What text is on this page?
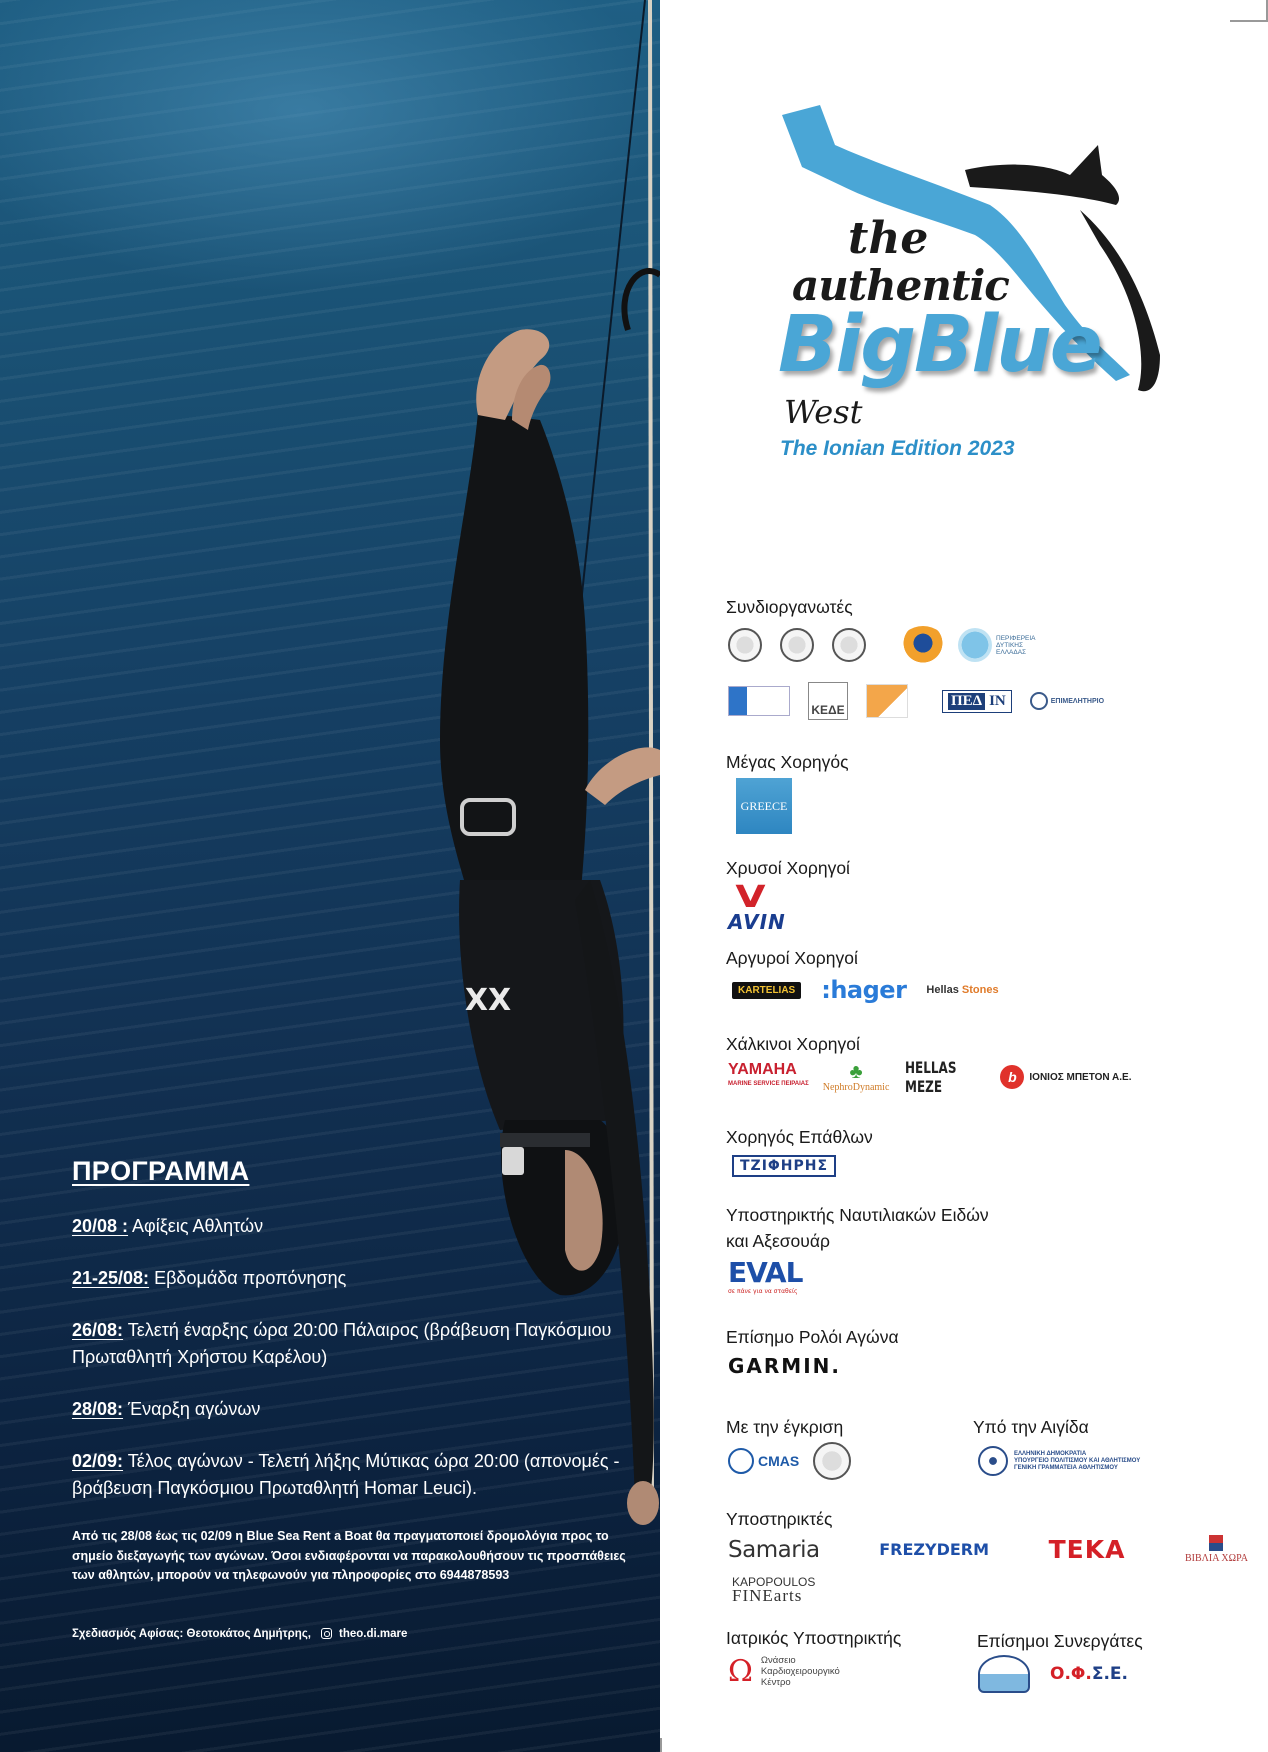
XX
ΠΡΟΓΡΑΜΜΑ
20/08 : Αφίξεις Αθλητών
21-25/08: Εβδομάδα προπόνησης
26/08: Τελετή έναρξης ώρα 20:00 Πάλαιρος (βράβευση Παγκόσμιου Πρωταθλητή Χρήστου Καρέλου)
28/08: Έναρξη αγώνων
02/09: Τέλος αγώνων - Τελετή λήξης Μύτικας ώρα 20:00 (απονομές - βράβευση Παγκόσμιου Πρωταθλητή Homar Leuci).

Από τις 28/08 έως τις 02/09 η Blue Sea Rent a Boat θα πραγματοποιεί δρομολόγια προς το σημείο διεξαγωγής των αγώνων. Όσοι ενδιαφέρονται να παρακολουθήσουν τις προσπάθειες των αθλητών, μπορούν να τηλεφωνούν για πληροφορίες στο 6944878593

Σχεδιασμός Αφίσας: Θεοτοκάτος Δημήτρης, theo.di.mare
the
authentic
BigBlue
West
The Ionian Edition 2023
Συνδιοργανωτές
ΠΕΡΙΦΕΡΕΙΑ
ΔΥΤΙΚΗΣ
ΕΛΛΑΔΑΣ
ΚΕΔΕ
ΠΕΔ IN	ΕΠΙΜΕΛΗΤΗΡΙΟ
Μέγας Χορηγός
GREECE
Χρυσοί Χορηγοί
V
AVIN
Αργυροί Χορηγοί
KARTELIAS :hager Hellas Stones
Χάλκινοι Χορηγοί
YAMAHA
MARINE SERVICE ΠΕΙΡΑΙΑΣ
♣
NephroDynamic
HELLAS ΜΕΖΕ	b	ΙΟΝΙΟΣ ΜΠΕΤΟΝ Α.Ε.
Χορηγός Επάθλων
ΤΖΙΦΗΡΗΣ
Υποστηρικτής Ναυτιλιακών Ειδών
και Αξεσουάρ
EVAL
σε πάνε για να σταθείς
Επίσημο Ρολόι Αγώνα
GARMIN.
Με την έγκριση	Υπό την Αιγίδα
CMAS	ΕΛΛΗΝΙΚΗ ΔΗΜΟΚΡΑΤΙΑ
ΥΠΟΥΡΓΕΙΟ ΠΟΛΙΤΙΣΜΟΥ ΚΑΙ ΑΘΛΗΤΙΣΜΟΥ
ΓΕΝΙΚΗ ΓΡΑΜΜΑΤΕΙΑ ΑΘΛΗΤΙΣΜΟΥ
Υποστηρικτές
Samaria	FREZYDERM TEKA	ΒΙΒΛΙΑ ΧΩΡΑ
KAPOPOULOS
FINEarts
Ιατρικός Υποστηρικτής	Επίσημοι Συνεργάτες
Ω Ωνάσειο
Καρδιοχειρουργικό
Κέντρο	Ο.Φ.Σ.Ε.
